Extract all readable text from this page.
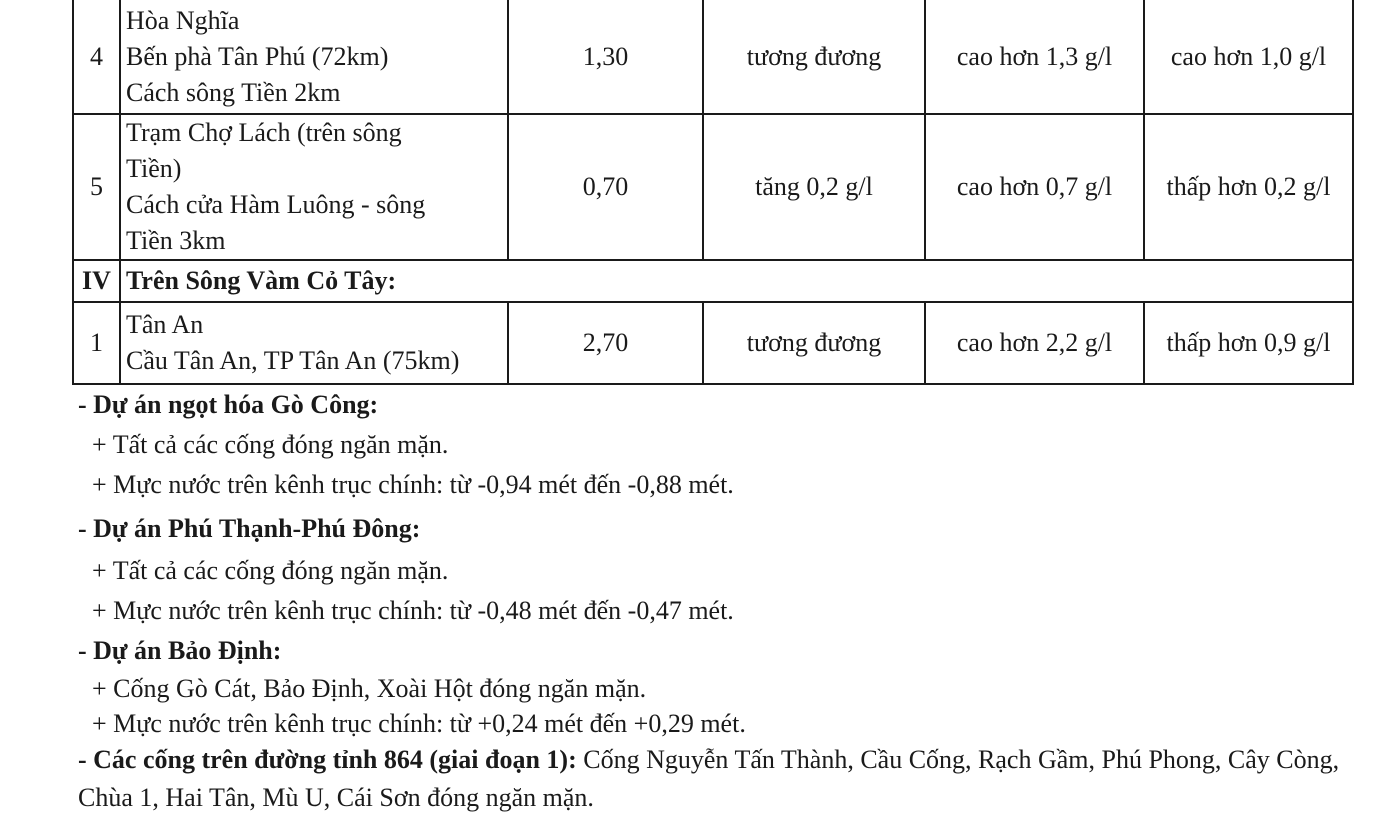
4	Hòa Nghĩa
Bến phà Tân Phú (72km)
Cách sông Tiền 2km	1,30	tương đương	cao hơn 1,3 g/l	cao hơn 1,0 g/l
5	Trạm Chợ Lách (trên sông
Tiền)
Cách cửa Hàm Luông - sông
Tiền 3km	0,70	tăng 0,2 g/l	cao hơn 0,7 g/l	thấp hơn 0,2 g/l
IV	Trên Sông Vàm Cỏ Tây:				
1	Tân An
Cầu Tân An, TP Tân An (75km)	2,70	tương đương	cao hơn 2,2 g/l	thấp hơn 0,9 g/l

- Dự án ngọt hóa Gò Công:

+ Tất cả các cống đóng ngăn mặn.

+ Mực nước trên kênh trục chính: từ -0,94 mét đến -0,88 mét.

- Dự án Phú Thạnh-Phú Đông:

+ Tất cả các cống đóng ngăn mặn.

+ Mực nước trên kênh trục chính: từ -0,48 mét đến -0,47 mét.

- Dự án Bảo Định:

+ Cống Gò Cát, Bảo Định, Xoài Hột đóng ngăn mặn.

+ Mực nước trên kênh trục chính: từ +0,24 mét đến +0,29 mét.

- Các cống trên đường tỉnh 864 (giai đoạn 1): Cống Nguyễn Tấn Thành, Cầu Cống, Rạch Gầm, Phú Phong, Cây Còng, Chùa 1, Hai Tân, Mù U, Cái Sơn đóng ngăn mặn.
